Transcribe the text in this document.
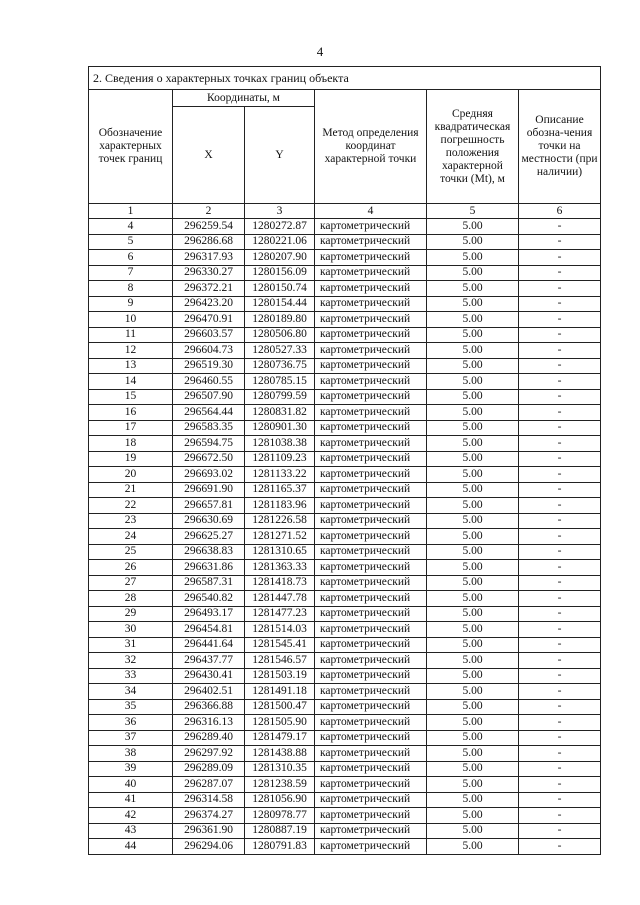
4
2. Сведения о характерных точках границ объекта					
Обозначение характерных точек границ	Координаты, м		Метод определения координат характерной точки	Средняя квадратическая погрешность положения характерной точки (Mt), м	Описание обозна-чения точки на местности (при наличии)
	X	Y			
1	2	3	4	5	6
4	296259.54	1280272.87	картометрический	5.00	-
5	296286.68	1280221.06	картометрический	5.00	-
6	296317.93	1280207.90	картометрический	5.00	-
7	296330.27	1280156.09	картометрический	5.00	-
8	296372.21	1280150.74	картометрический	5.00	-
9	296423.20	1280154.44	картометрический	5.00	-
10	296470.91	1280189.80	картометрический	5.00	-
11	296603.57	1280506.80	картометрический	5.00	-
12	296604.73	1280527.33	картометрический	5.00	-
13	296519.30	1280736.75	картометрический	5.00	-
14	296460.55	1280785.15	картометрический	5.00	-
15	296507.90	1280799.59	картометрический	5.00	-
16	296564.44	1280831.82	картометрический	5.00	-
17	296583.35	1280901.30	картометрический	5.00	-
18	296594.75	1281038.38	картометрический	5.00	-
19	296672.50	1281109.23	картометрический	5.00	-
20	296693.02	1281133.22	картометрический	5.00	-
21	296691.90	1281165.37	картометрический	5.00	-
22	296657.81	1281183.96	картометрический	5.00	-
23	296630.69	1281226.58	картометрический	5.00	-
24	296625.27	1281271.52	картометрический	5.00	-
25	296638.83	1281310.65	картометрический	5.00	-
26	296631.86	1281363.33	картометрический	5.00	-
27	296587.31	1281418.73	картометрический	5.00	-
28	296540.82	1281447.78	картометрический	5.00	-
29	296493.17	1281477.23	картометрический	5.00	-
30	296454.81	1281514.03	картометрический	5.00	-
31	296441.64	1281545.41	картометрический	5.00	-
32	296437.77	1281546.57	картометрический	5.00	-
33	296430.41	1281503.19	картометрический	5.00	-
34	296402.51	1281491.18	картометрический	5.00	-
35	296366.88	1281500.47	картометрический	5.00	-
36	296316.13	1281505.90	картометрический	5.00	-
37	296289.40	1281479.17	картометрический	5.00	-
38	296297.92	1281438.88	картометрический	5.00	-
39	296289.09	1281310.35	картометрический	5.00	-
40	296287.07	1281238.59	картометрический	5.00	-
41	296314.58	1281056.90	картометрический	5.00	-
42	296374.27	1280978.77	картометрический	5.00	-
43	296361.90	1280887.19	картометрический	5.00	-
44	296294.06	1280791.83	картометрический	5.00	-
